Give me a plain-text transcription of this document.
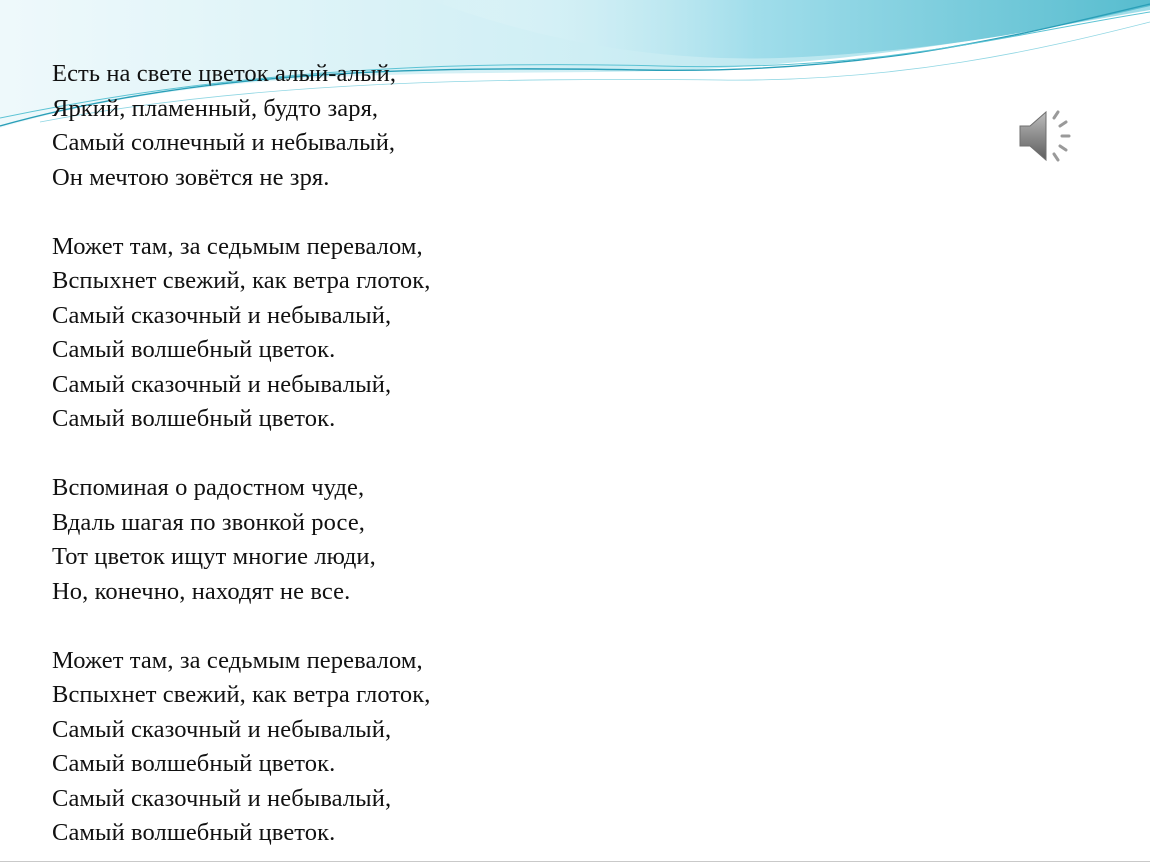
Есть на свете цветок алый-алый,
Яркий, пламенный, будто заря,
Самый солнечный и небывалый,
Он мечтою зовётся не зря.
Может там, за седьмым перевалом,
Вспыхнет свежий, как ветра глоток,
Самый сказочный и небывалый,
Самый волшебный цветок.
Самый сказочный и небывалый,
Самый волшебный цветок.
Вспоминая о радостном чуде,
Вдаль шагая по звонкой росе,
Тот цветок ищут многие люди,
Но, конечно, находят не все.
Может там, за седьмым перевалом,
Вспыхнет свежий, как ветра глоток,
Самый сказочный и небывалый,
Самый волшебный цветок.
Самый сказочный и небывалый,
Самый волшебный цветок.
